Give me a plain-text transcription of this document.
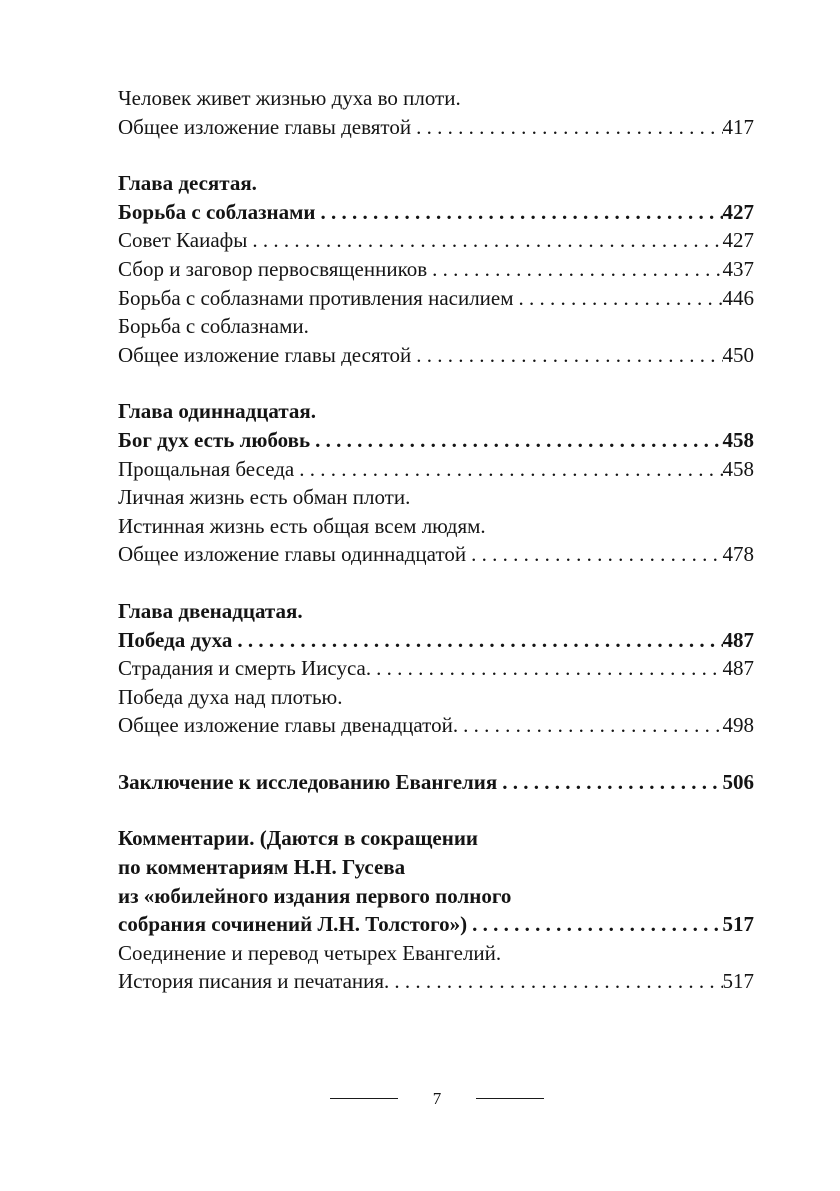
Человек живет жизнью духа во плоти.
Общее изложение главы девятой . . .	417
Глава десятая.
Борьба с соблазнами . . .	427
Совет Каиафы . . .	427
Сбор и заговор первосвященников . . .	437
Борьба с соблазнами противления насилием . . .	446
Борьба с соблазнами.
Общее изложение главы десятой . . .	450
Глава одиннадцатая.
Бог дух есть любовь . . .	458
Прощальная беседа . . .	458
Личная жизнь есть обман плоти.
Истинная жизнь есть общая всем людям.
Общее изложение главы одиннадцатой . . .	478
Глава двенадцатая.
Победа духа . . .	487
Страдания и смерть Иисуса. . . .	487
Победа духа над плотью.
Общее изложение главы двенадцатой. . . .	498
Заключение к исследованию Евангелия . . .	506
Комментарии. (Даются в сокращении
по комментариям Н.Н. Гусева
из «юбилейного издания первого полного
собрания сочинений Л.Н. Толстого») . . .	517
Соединение и перевод четырех Евангелий.
История писания и печатания. . . .	517
7
